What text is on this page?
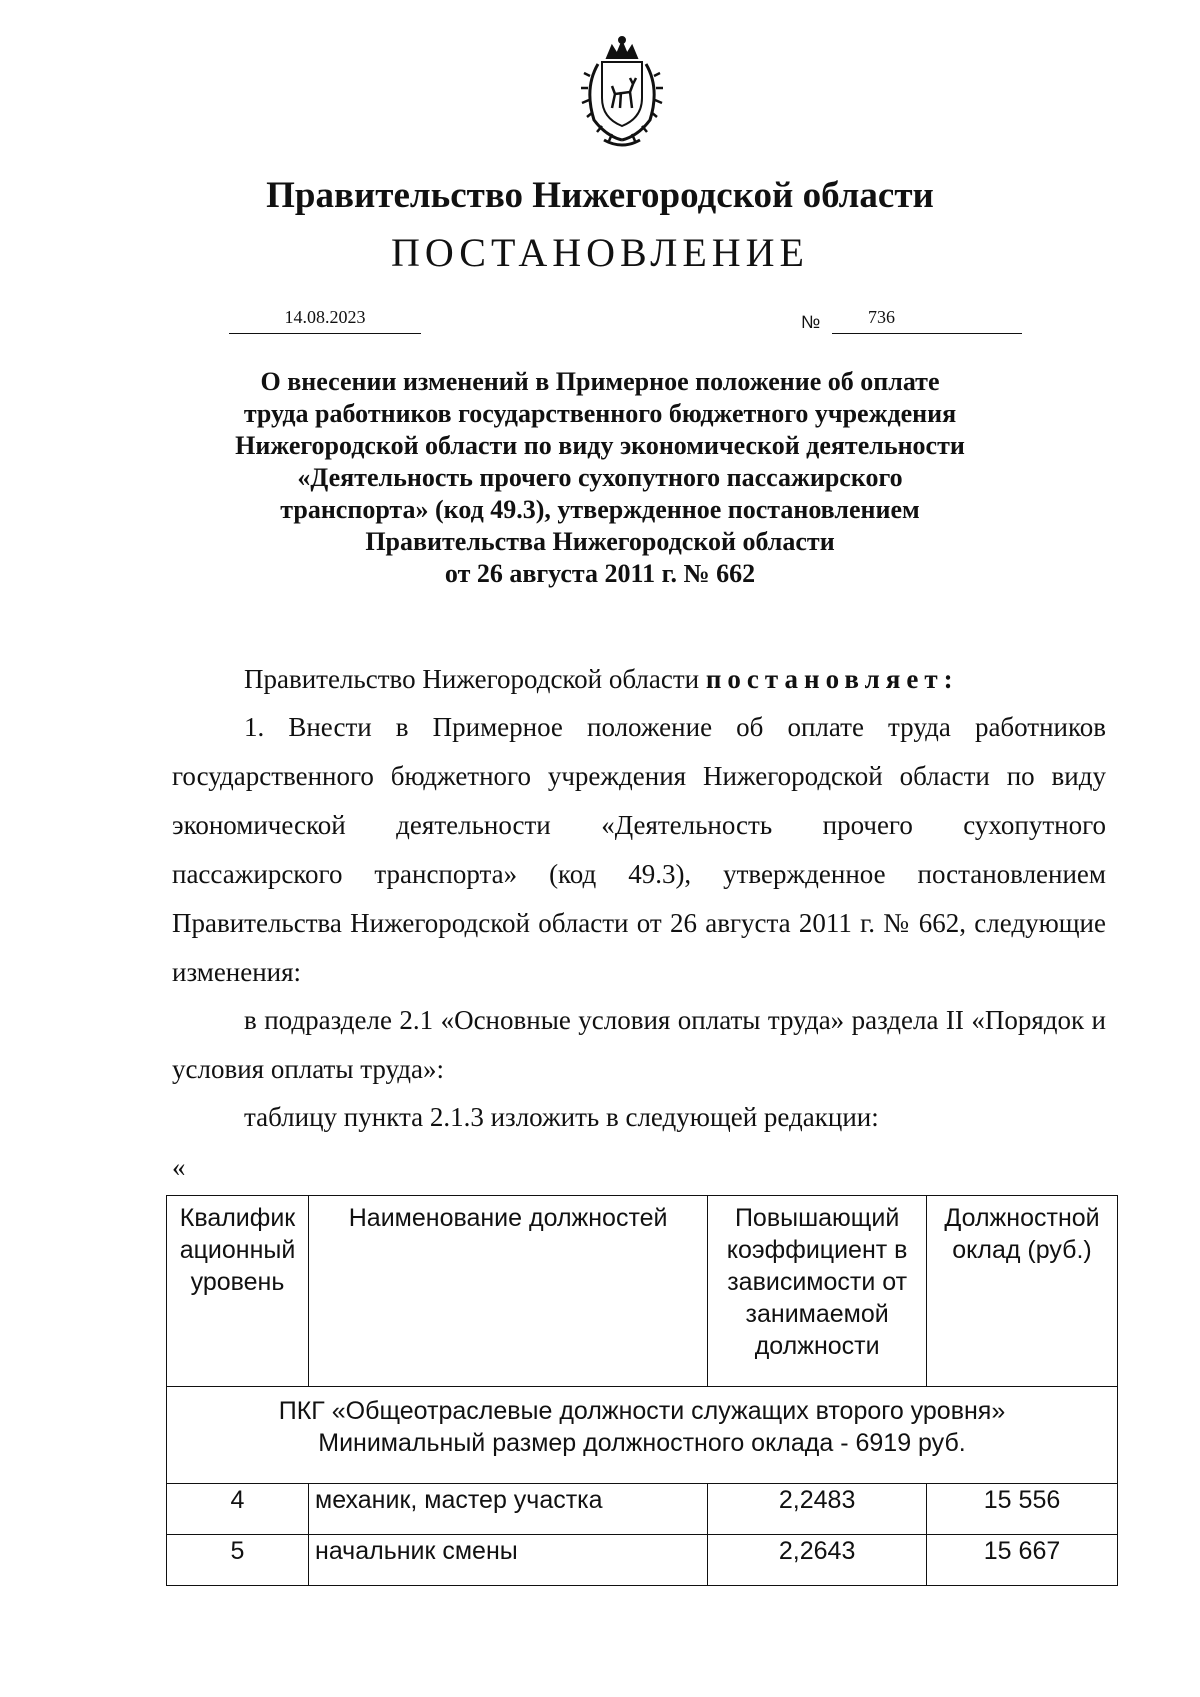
Правительство Нижегородской области
ПОСТАНОВЛЕНИЕ
14.08.2023	№	736
О внесении изменений в Примерное положение об оплате
труда работников государственного бюджетного учреждения
Нижегородской области по виду экономической деятельности
«Деятельность прочего сухопутного пассажирского
транспорта» (код 49.3), утвержденное постановлением
Правительства Нижегородской области
от 26 августа 2011 г. № 662
Правительство Нижегородской области постановляет:
1. Внести в Примерное положение об оплате труда работников государственного бюджетного учреждения Нижегородской области по виду экономической деятельности «Деятельность прочего сухопутного пассажирского транспорта» (код 49.3), утвержденное постановлением Правительства Нижегородской области от 26 августа 2011 г. № 662, следующие изменения:
в подразделе 2.1 «Основные условия оплаты труда» раздела II «Порядок и условия оплаты труда»:
таблицу пункта 2.1.3 изложить в следующей редакции:
«
Квалифик ационный уровень	Наименование должностей	Повышающий коэффициент в зависимости от занимаемой должности	Должностной оклад (руб.)

ПКГ «Общеотраслевые должности служащих второго уровня»
Минимальный размер должностного оклада - 6919 руб.			

4	механик, мастер участка	2,2483	15 556
5	начальник смены	2,2643	15 667
